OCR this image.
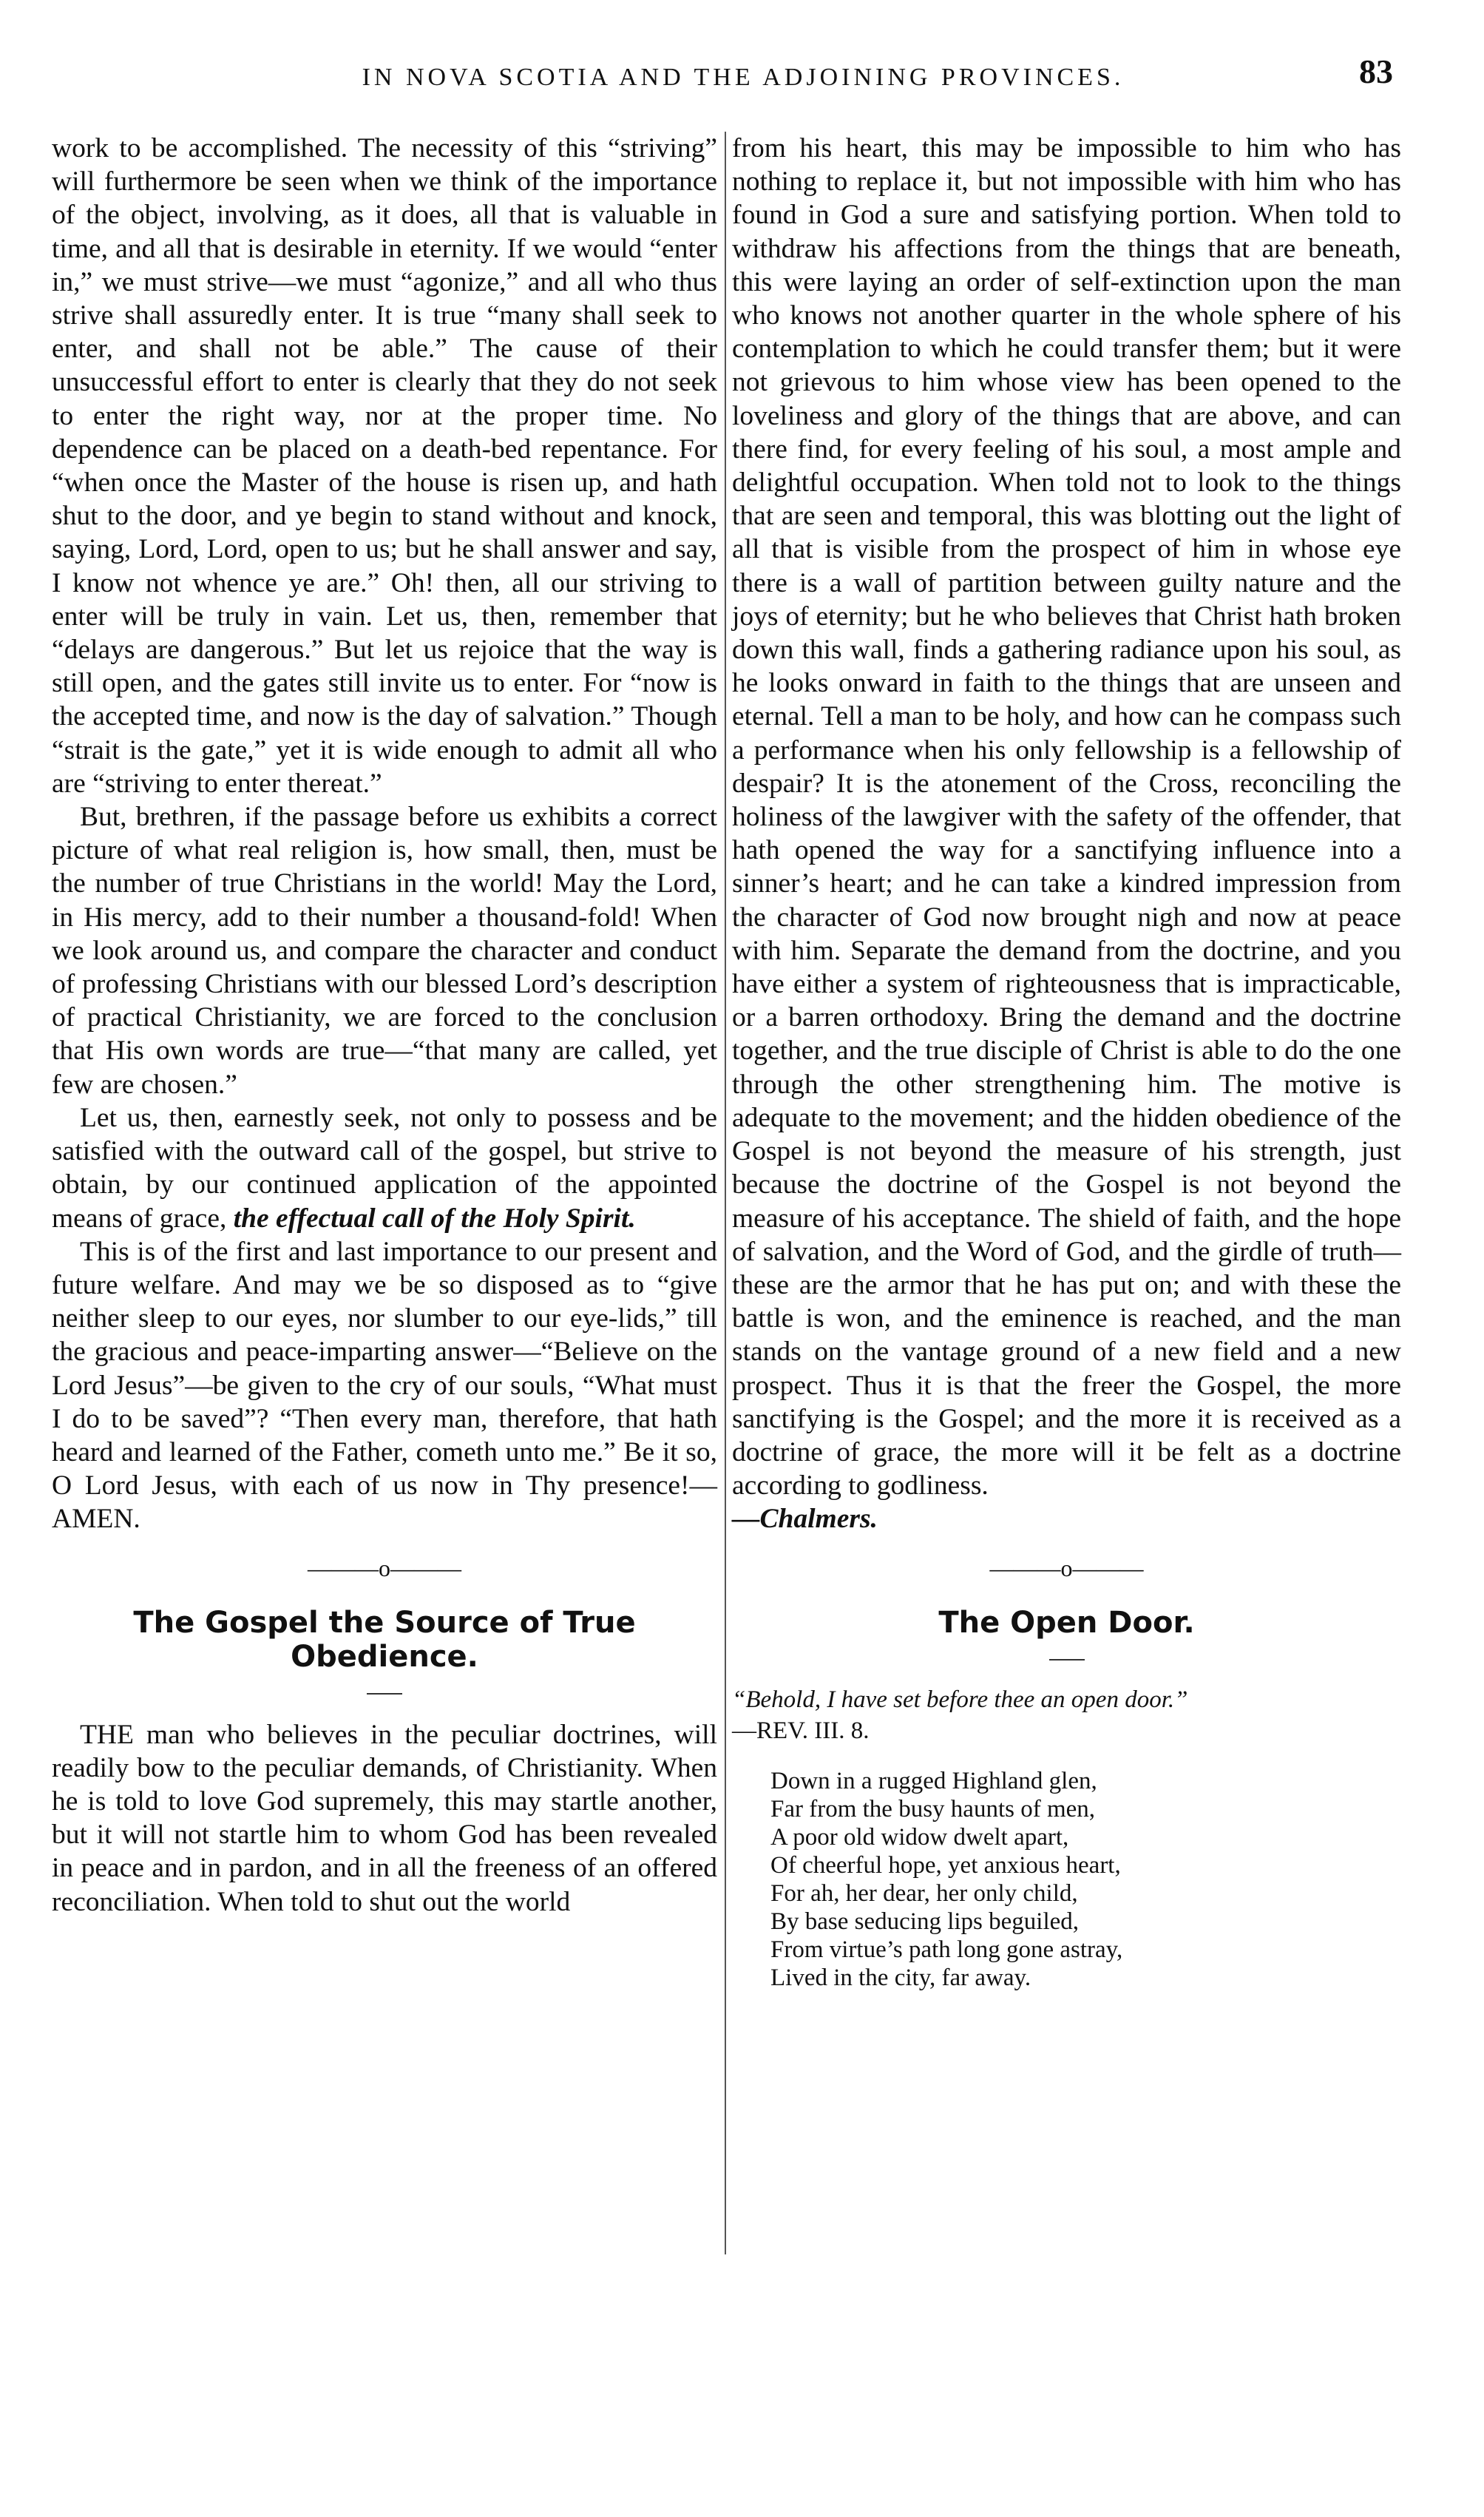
IN NOVA SCOTIA AND THE ADJOINING PROVINCES.	83

work to be accomplished. The necessity of this “striving” will furthermore be seen when we think of the importance of the object, involving, as it does, all that is valuable in time, and all that is desirable in eternity. If we would “enter in,” we must strive—we must “agonize,” and all who thus strive shall assuredly enter. It is true “many shall seek to enter, and shall not be able.” The cause of their unsuccessful effort to enter is clearly that they do not seek to enter the right way, nor at the proper time. No dependence can be placed on a death-bed repentance. For “when once the Master of the house is risen up, and hath shut to the door, and ye begin to stand without and knock, saying, Lord, Lord, open to us; but he shall answer and say, I know not whence ye are.” Oh! then, all our striving to enter will be truly in vain. Let us, then, remember that “delays are dangerous.” But let us rejoice that the way is still open, and the gates still invite us to enter. For “now is the accepted time, and now is the day of salvation.” Though “strait is the gate,” yet it is wide enough to admit all who are “striving to enter thereat.”

But, brethren, if the passage before us exhibits a correct picture of what real religion is, how small, then, must be the number of true Christians in the world! May the Lord, in His mercy, add to their number a thousand-fold! When we look around us, and compare the character and conduct of professing Christians with our blessed Lord’s description of practical Christianity, we are forced to the conclusion that His own words are true—“that many are called, yet few are chosen.”

Let us, then, earnestly seek, not only to possess and be satisfied with the outward call of the gospel, but strive to obtain, by our continued application of the appointed means of grace, the effectual call of the Holy Spirit.

This is of the first and last importance to our present and future welfare. And may we be so disposed as to “give neither sleep to our eyes, nor slumber to our eye-lids,” till the gracious and peace-imparting answer—“Believe on the Lord Jesus”—be given to the cry of our souls, “What must I do to be saved”? “Then every man, therefore, that hath heard and learned of the Father, cometh unto me.” Be it so, O Lord Jesus, with each of us now in Thy presence!—AMEN.

———o———
The Gospel the Source of True Obedience.

THE man who believes in the peculiar doctrines, will readily bow to the peculiar demands, of Christianity. When he is told to love God supremely, this may startle another, but it will not startle him to whom God has been revealed in peace and in pardon, and in all the freeness of an offered reconciliation. When told to shut out the world

from his heart, this may be impossible to him who has nothing to replace it, but not impossible with him who has found in God a sure and satisfying portion. When told to withdraw his affections from the things that are beneath, this were laying an order of self-extinction upon the man who knows not another quarter in the whole sphere of his contemplation to which he could transfer them; but it were not grievous to him whose view has been opened to the loveliness and glory of the things that are above, and can there find, for every feeling of his soul, a most ample and delightful occupation. When told not to look to the things that are seen and temporal, this was blotting out the light of all that is visible from the prospect of him in whose eye there is a wall of partition between guilty nature and the joys of eternity; but he who believes that Christ hath broken down this wall, finds a gathering radiance upon his soul, as he looks onward in faith to the things that are unseen and eternal. Tell a man to be holy, and how can he compass such a performance when his only fellowship is a fellowship of despair? It is the atonement of the Cross, reconciling the holiness of the lawgiver with the safety of the offender, that hath opened the way for a sanctifying influence into a sinner’s heart; and he can take a kindred impression from the character of God now brought nigh and now at peace with him. Separate the demand from the doctrine, and you have either a system of righteousness that is impracticable, or a barren orthodoxy. Bring the demand and the doctrine together, and the true disciple of Christ is able to do the one through the other strengthening him. The motive is adequate to the movement; and the hidden obedience of the Gospel is not beyond the measure of his strength, just because the doctrine of the Gospel is not beyond the measure of his acceptance. The shield of faith, and the hope of salvation, and the Word of God, and the girdle of truth—these are the armor that he has put on; and with these the battle is won, and the eminence is reached, and the man stands on the vantage ground of a new field and a new prospect. Thus it is that the freer the Gospel, the more sanctifying is the Gospel; and the more it is received as a doctrine of grace, the more will it be felt as a doctrine according to godliness.

—Chalmers.

———o———
The Open Door.
“Behold, I have set before thee an open door.”
—REV. III. 8.
Down in a rugged Highland glen,
Far from the busy haunts of men,
A poor old widow dwelt apart,
Of cheerful hope, yet anxious heart,
For ah, her dear, her only child,
By base seducing lips beguiled,
From virtue’s path long gone astray,
Lived in the city, far away.
